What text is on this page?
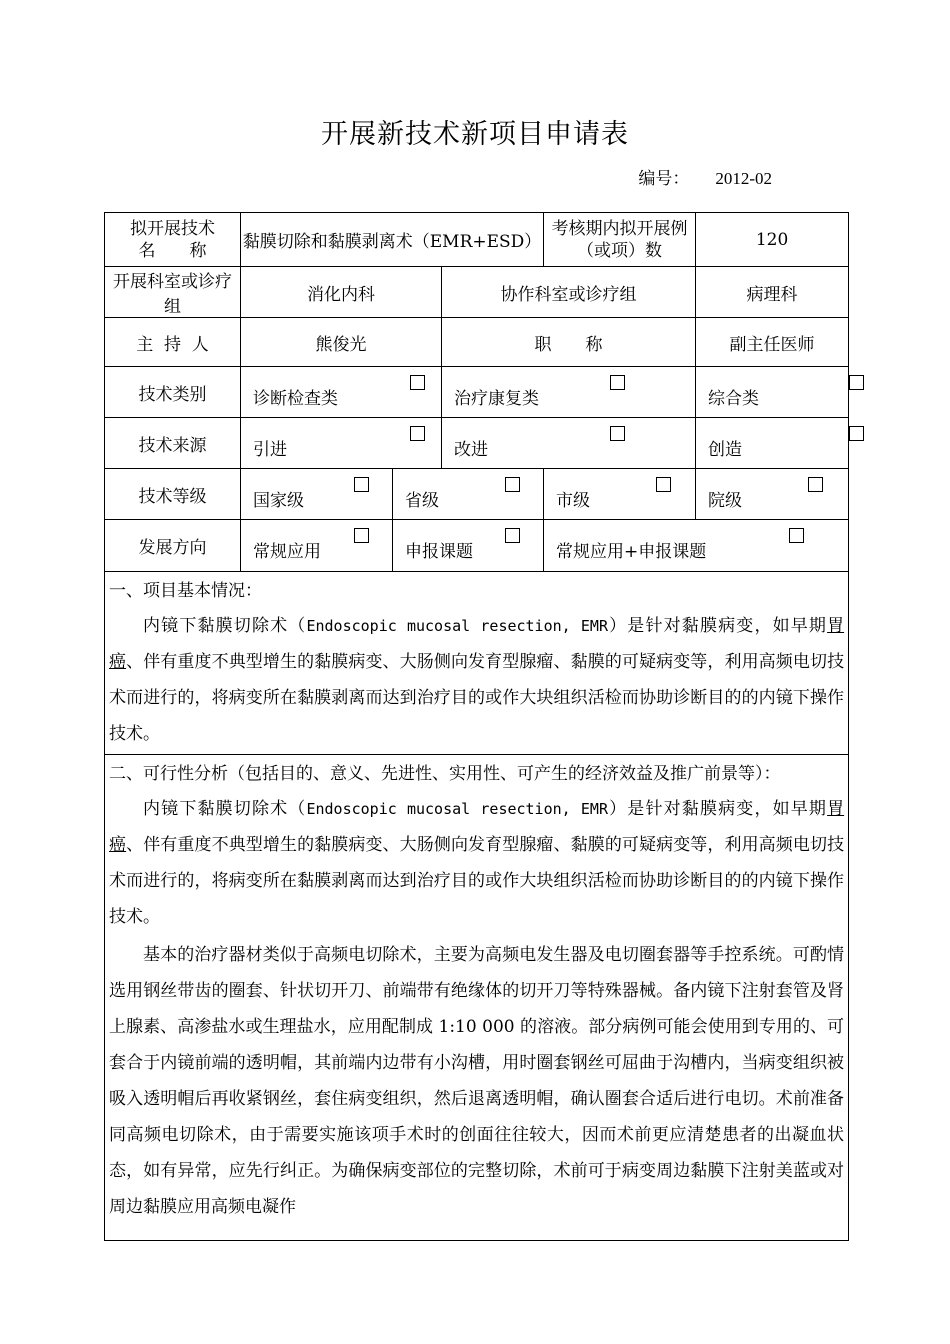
开展新技术新项目申请表
编号： 2012-02
拟开展技术
名　　称	黏膜切除和黏膜剥离术（EMR+ESD）			考核期内拟开展例
（或项）数	120
开展科室或诊疗组	消化内科		协作科室或诊疗组		病理科
主  持  人	熊俊光		职　　称		副主任医师
技术类别	诊断检查类		治疗康复类		综合类

技术来源	引进		改进		创造

技术等级	国家级	省级		市级	院级

发展方向	常规应用	申报课题		常规应用+申报课题	

一、项目基本情况：
内镜下黏膜切除术（Endoscopic mucosal resection, EMR）是针对黏膜病变，如早期胃癌、伴有重度不典型增生的黏膜病变、大肠侧向发育型腺瘤、黏膜的可疑病变等，利用高频电切技术而进行的，将病变所在黏膜剥离而达到治疗目的或作大块组织活检而协助诊断目的的内镜下操作技术。					

二、可行性分析（包括目的、意义、先进性、实用性、可产生的经济效益及推广前景等）：
内镜下黏膜切除术（Endoscopic mucosal resection, EMR）是针对黏膜病变，如早期胃癌、伴有重度不典型增生的黏膜病变、大肠侧向发育型腺瘤、黏膜的可疑病变等，利用高频电切技术而进行的，将病变所在黏膜剥离而达到治疗目的或作大块组织活检而协助诊断目的的内镜下操作技术。
基本的治疗器材类似于高频电切除术，主要为高频电发生器及电切圈套器等手控系统。可酌情选用钢丝带齿的圈套、针状切开刀、前端带有绝缘体的切开刀等特殊器械。备内镜下注射套管及肾上腺素、高渗盐水或生理盐水，应用配制成 1:10 000 的溶液。部分病例可能会使用到专用的、可套合于内镜前端的透明帽，其前端内边带有小沟槽，用时圈套钢丝可屈曲于沟槽内，当病变组织被吸入透明帽后再收紧钢丝，套住病变组织，然后退离透明帽，确认圈套合适后进行电切。术前准备同高频电切除术，由于需要实施该项手术时的创面往往较大，因而术前更应清楚患者的出凝血状态，如有异常，应先行纠正。为确保病变部位的完整切除，术前可于病变周边黏膜下注射美蓝或对周边黏膜应用高频电凝作					
